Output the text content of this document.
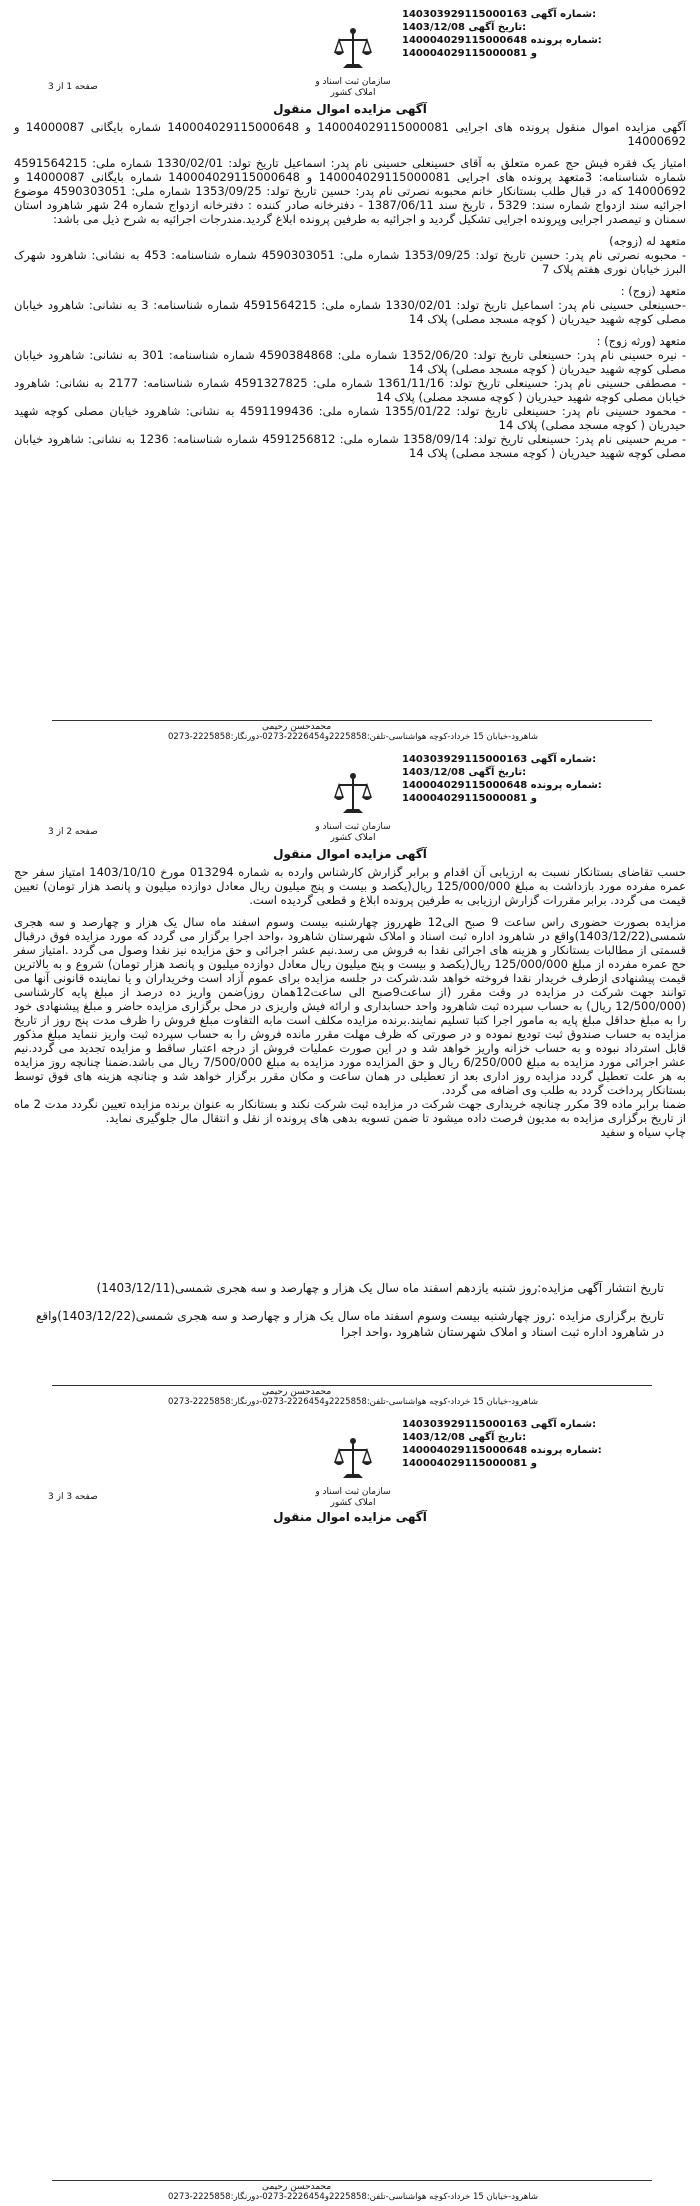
140303929115000163 شماره آگهی:
1403/12/08 تاریخ آگهی:
140004029115000648 شماره پرونده:
140004029115000081 و
سازمان ثبت اسناد و املاک کشور
صفحه 1 از 3
آگهی مزایده اموال منقول

آگهی مزایده اموال منقول پرونده های اجرایی 140004029115000081 و 140004029115000648 شماره بایگانی 14000087 و 14000692

امتیاز یک فقره فیش حج عمره متعلق به آقای حسینعلی حسینی نام پدر: اسماعیل تاریخ تولد: 1330/02/01 شماره ملی: 4591564215 شماره شناسنامه: 3متعهد پرونده های اجرایی 140004029115000081 و 140004029115000648 شماره بایگانی 14000087 و 14000692 که در قبال طلب بستانکار خانم محبوبه نصرتی نام پدر: حسین تاریخ تولد: 1353/09/25 شماره ملی: 4590303051 موضوع اجرائیه سند ازدواج شماره سند: 5329 ، تاریخ سند 1387/06/11 - دفترخانه صادر کننده : دفترخانه ازدواج شماره 24 شهر شاهرود استان سمنان و تیمصدر اجرایی وپرونده اجرایی تشکیل گردید و اجرائیه به طرفین پرونده ابلاغ گردید.مندرجات اجرائیه به شرح ذیل می باشد:

متعهد له (زوجه)

- محبوبه نصرتی نام پدر: حسین تاریخ تولد: 1353/09/25 شماره ملی: 4590303051 شماره شناسنامه: 453 به نشانی: شاهرود شهرک البرز خیابان نوری هفتم پلاک 7

متعهد (زوج) :

-حسینعلی حسینی نام پدر: اسماعیل تاریخ تولد: 1330/02/01 شماره ملی: 4591564215 شماره شناسنامه: 3 به نشانی: شاهرود خیابان مصلی کوچه شهید حیدریان ( کوچه مسجد مصلی) پلاک 14

متعهد (ورثه زوج) :

- نیره حسینی نام پدر: حسینعلی تاریخ تولد: 1352/06/20 شماره ملی: 4590384868 شماره شناسنامه: 301 به نشانی: شاهرود خیابان مصلی کوچه شهید حیدریان ( کوچه مسجد مصلی) پلاک 14

- مصطفی حسینی نام پدر: حسینعلی تاریخ تولد: 1361/11/16 شماره ملی: 4591327825 شماره شناسنامه: 2177 به نشانی: شاهرود خیابان مصلی کوچه شهید حیدریان ( کوچه مسجد مصلی) پلاک 14

- محمود حسینی نام پدر: حسینعلی تاریخ تولد: 1355/01/22 شماره ملی: 4591199436 به نشانی: شاهرود خیابان مصلی کوچه شهید حیدریان ( کوچه مسجد مصلی) پلاک 14

- مریم حسینی نام پدر: حسینعلی تاریخ تولد: 1358/09/14 شماره ملی: 4591256812 شماره شناسنامه: 1236 به نشانی: شاهرود خیابان مصلی کوچه شهید حیدریان ( کوچه مسجد مصلی) پلاک 14

محمدحسن رحیمی
شاهرود-خیابان 15 خرداد-کوچه هواشناسی-تلفن:2225858و2226454-0273-دورنگار:2225858-0273
140303929115000163 شماره آگهی:
1403/12/08 تاریخ آگهی:
140004029115000648 شماره پرونده:
140004029115000081 و
سازمان ثبت اسناد و املاک کشور
صفحه 2 از 3
آگهی مزایده اموال منقول

حسب تقاضای بستانکار نسبت به ارزیابی آن اقدام و برابر گزارش کارشناس وارده به شماره 013294 مورخ 1403/10/10 امتیاز سفر حج عمره مفرده مورد بازداشت به مبلغ 125/000/000 ریال(یکصد و بیست و پنج میلیون ریال معادل دوازده میلیون و پانصد هزار تومان) تعیین قیمت می گردد. برابر مقررات گزارش ارزیابی به طرفین پرونده ابلاغ و قطعی گردیده است.

مزایده بصورت حضوری راس ساعت 9 صبح الی12 ظهرروز چهارشنبه بیست وسوم اسفند ماه سال یک هزار و چهارصد و سه هجری شمسی(1403/12/22)واقع در شاهرود اداره ثبت اسناد و املاک شهرستان شاهرود ،واحد اجرا برگزار می گردد که مورد مزایده فوق درقبال قسمتی از مطالبات بستانکار و هزینه های اجرائی نقدا به فروش می رسد.نیم عشر اجرائی و حق مزایده نیز نقدا وصول می گردد .امتیاز سفر حج عمره مفرده از مبلغ 125/000/000 ریال(یکصد و بیست و پنج میلیون ریال معادل دوازده میلیون و پانصد هزار تومان) شروع و به بالاترین قیمت پیشنهادی ازطرف خریدار نقدا فروخته خواهد شد.شرکت در جلسه مزایده برای عموم آزاد است وخریداران و یا نماینده قانونی آنها می توانند جهت شرکت در مزایده در وقت مقرر (از ساعت9صبح الی ساعت12همان روز)ضمن واریز ده درصد از مبلغ پایه کارشناسی (12/500/000 ریال) به حساب سپرده ثبت شاهرود واحد حسابداری و ارائه فیش واریزی در محل برگزاری مزایده حاضر و مبلغ پیشنهادی خود را به مبلغ حداقل مبلغ پایه به مامور اجرا کتبا تسلیم نمایند.برنده مزایده مکلف است مابه التفاوت مبلغ فروش را ظرف مدت پنج روز از تاریخ مزایده به حساب صندوق ثبت تودیع نموده و در صورتی که ظرف مهلت مقرر مانده فروش را به حساب سپرده ثبت واریز ننماید مبلغ مذکور قابل استرداد نبوده و به حساب خزانه واریز خواهد شد و در این صورت عملیات فروش از درجه اعتبار ساقط و مزایده تجدید می گردد.نیم عشر اجرائی مورد مزایده به مبلغ 6/250/000 ریال و حق المزایده مورد مزایده به مبلغ 7/500/000 ریال می باشد.ضمنا چنانچه روز مزایده به هر علت تعطیل گردد مزایده روز اداری بعد از تعطیلی در همان ساعت و مکان مقرر برگزار خواهد شد و چنانچه هزینه های فوق توسط بستانکار پرداخت گردد به طلب وی اضافه می گردد.

ضمنا برابر ماده 39 مکرر چنانچه خریداری جهت شرکت در مزایده ثبت شرکت نکند و بستانکار به عنوان برنده مزایده تعیین نگردد مدت 2 ماه از تاریخ برگزاری مزایده به مدیون فرصت داده میشود تا ضمن تسویه بدهی های پرونده از نقل و انتقال مال جلوگیری نماید.

چاپ سیاه و سفید

تاریخ انتشار آگهی مزایده:روز شنبه یازدهم اسفند ماه سال یک هزار و چهارصد و سه هجری شمسی(1403/12/11)

تاریخ برگزاری مزایده :روز چهارشنبه بیست وسوم اسفند ماه سال یک هزار و چهارصد و سه هجری شمسی(1403/12/22)واقع در شاهرود اداره ثبت اسناد و املاک شهرستان شاهرود ،واحد اجرا

محمدحسن رحیمی
شاهرود-خیابان 15 خرداد-کوچه هواشناسی-تلفن:2225858و2226454-0273-دورنگار:2225858-0273
140303929115000163 شماره آگهی:
1403/12/08 تاریخ آگهی:
140004029115000648 شماره پرونده:
140004029115000081 و
سازمان ثبت اسناد و املاک کشور
صفحه 3 از 3
آگهی مزایده اموال منقول
محمدحسن رحیمی
شاهرود-خیابان 15 خرداد-کوچه هواشناسی-تلفن:2225858و2226454-0273-دورنگار:2225858-0273
